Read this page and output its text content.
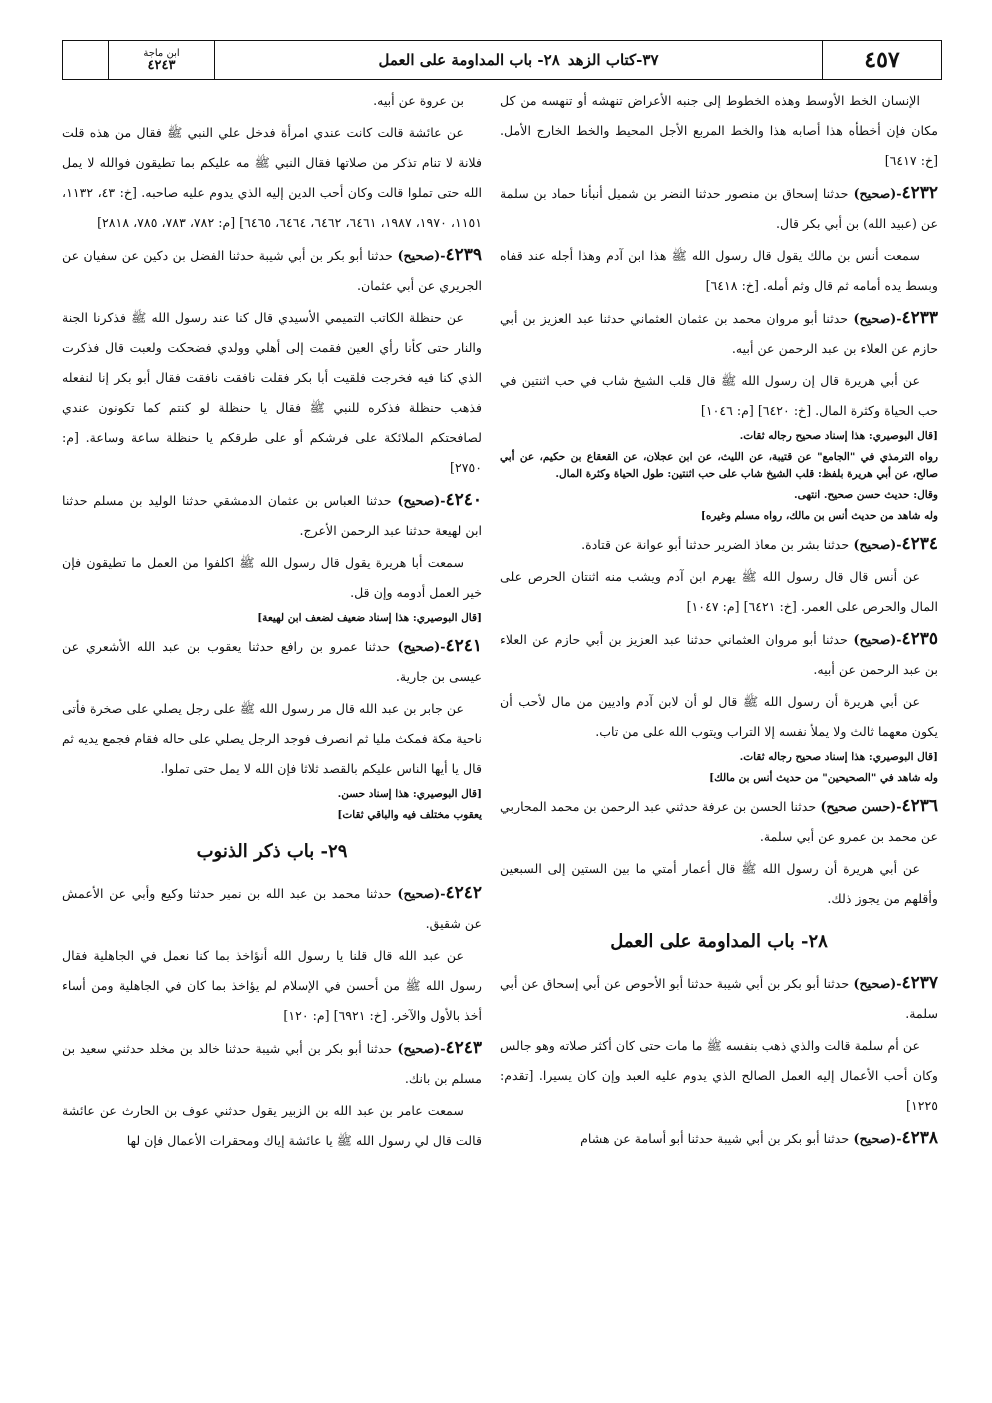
ابن ماجة
٤٢٤٣	٣٧-كتاب الزهد
٢٨- باب المداومة على العمل	٤٥٧

الإنسان الخط الأوسط وهذه الخطوط إلى جنبه الأعراض تنهشه أو تنهسه من كل مكان فإن أخطأه هذا أصابه هذا والخط المربع الأجل المحيط والخط الخارج الأمل. [خ: ٦٤١٧]

٤٢٣٢-(صحيح) حدثنا إسحاق بن منصور حدثنا النضر بن شميل أنبأنا حماد بن سلمة عن (عبيد الله) بن أبي بكر قال.

سمعت أنس بن مالك يقول قال رسول الله ﷺ هذا ابن آدم وهذا أجله عند قفاه وبسط يده أمامه ثم قال وثم أمله. [خ: ٦٤١٨]

٤٢٣٣-(صحيح) حدثنا أبو مروان محمد بن عثمان العثماني حدثنا عبد العزيز بن أبي حازم عن العلاء بن عبد الرحمن عن أبيه.

عن أبي هريرة قال إن رسول الله ﷺ قال قلب الشيخ شاب في حب اثنتين في حب الحياة وكثرة المال. [خ: ٦٤٢٠] [م: ١٠٤٦]

[قال البوصيري: هذا إسناد صحيح رجاله ثقات.

رواه الترمذي في "الجامع" عن قتيبة، عن الليث، عن ابن عجلان، عن القعقاع بن حكيم، عن أبي صالح، عن أبي هريرة بلفظ: قلب الشيخ شاب على حب اثنتين: طول الحياة وكثرة المال.

وقال: حديث حسن صحيح. انتهى.

وله شاهد من حديث أنس بن مالك، رواه مسلم وغيره]

٤٢٣٤-(صحيح) حدثنا بشر بن معاذ الضرير حدثنا أبو عوانة عن قتادة.

عن أنس قال قال رسول الله ﷺ يهرم ابن آدم ويشب منه اثنتان الحرص على المال والحرص على العمر. [خ: ٦٤٢١] [م: ١٠٤٧]

٤٢٣٥-(صحيح) حدثنا أبو مروان العثماني حدثنا عبد العزيز بن أبي حازم عن العلاء بن عبد الرحمن عن أبيه.

عن أبي هريرة أن رسول الله ﷺ قال لو أن لابن آدم واديين من مال لأحب أن يكون معهما ثالث ولا يملأ نفسه إلا التراب ويتوب الله على من تاب.

[قال البوصيري: هذا إسناد صحيح رجاله ثقات.

وله شاهد في "الصحيحين" من حديث أنس بن مالك]

٤٢٣٦-(حسن صحيح) حدثنا الحسن بن عرفة حدثني عبد الرحمن بن محمد المحاربي عن محمد بن عمرو عن أبي سلمة.

عن أبي هريرة أن رسول الله ﷺ قال أعمار أمتي ما بين الستين إلى السبعين وأقلهم من يجوز ذلك.

٢٨- باب المداومة على العمل

٤٢٣٧-(صحيح) حدثنا أبو بكر بن أبي شيبة حدثنا أبو الأحوص عن أبي إسحاق عن أبي سلمة.

عن أم سلمة قالت والذي ذهب بنفسه ﷺ ما مات حتى كان أكثر صلاته وهو جالس وكان أحب الأعمال إليه العمل الصالح الذي يدوم عليه العبد وإن كان يسيرا. [تقدم: ١٢٢٥]

٤٢٣٨-(صحيح) حدثنا أبو بكر بن أبي شيبة حدثنا أبو أسامة عن هشام

بن عروة عن أبيه.

عن عائشة قالت كانت عندي امرأة فدخل علي النبي ﷺ فقال من هذه قلت فلانة لا تنام تذكر من صلاتها فقال النبي ﷺ مه عليكم بما تطيقون فوالله لا يمل الله حتى تملوا قالت وكان أحب الدين إليه الذي يدوم عليه صاحبه. [خ: ٤٣، ١١٣٢، ١١٥١، ١٩٧٠، ١٩٨٧، ٦٤٦١، ٦٤٦٢، ٦٤٦٤، ٦٤٦٥] [م: ٧٨٢، ٧٨٣، ٧٨٥، ٢٨١٨]

٤٢٣٩-(صحيح) حدثنا أبو بكر بن أبي شيبة حدثنا الفضل بن دكين عن سفيان عن الجريري عن أبي عثمان.

عن حنظلة الكاتب التميمي الأسيدي قال كنا عند رسول الله ﷺ فذكرنا الجنة والنار حتى كأنا رأي العين فقمت إلى أهلي وولدي فضحكت ولعبت قال فذكرت الذي كنا فيه فخرجت فلقيت أبا بكر فقلت نافقت نافقت فقال أبو بكر إنا لنفعله فذهب حنظلة فذكره للنبي ﷺ فقال يا حنظلة لو كنتم كما تكونون عندي لصافحتكم الملائكة على فرشكم أو على طرقكم يا حنظلة ساعة وساعة. [م: ٢٧٥٠]

٤٢٤٠-(صحيح) حدثنا العباس بن عثمان الدمشقي حدثنا الوليد بن مسلم حدثنا ابن لهيعة حدثنا عبد الرحمن الأعرج.

سمعت أبا هريرة يقول قال رسول الله ﷺ اكلفوا من العمل ما تطيقون فإن خير العمل أدومه وإن قل.

[قال البوصيري: هذا إسناد ضعيف لضعف ابن لهيعة]

٤٢٤١-(صحيح) حدثنا عمرو بن رافع حدثنا يعقوب بن عبد الله الأشعري عن عيسى بن جارية.

عن جابر بن عبد الله قال مر رسول الله ﷺ على رجل يصلي على صخرة فأتى ناحية مكة فمكث مليا ثم انصرف فوجد الرجل يصلي على حاله فقام فجمع يديه ثم قال يا أيها الناس عليكم بالقصد ثلاثا فإن الله لا يمل حتى تملوا.

[قال البوصيري: هذا إسناد حسن.

يعقوب مختلف فيه والباقي ثقات]

٢٩- باب ذكر الذنوب

٤٢٤٢-(صحيح) حدثنا محمد بن عبد الله بن نمير حدثنا وكيع وأبي عن الأعمش عن شقيق.

عن عبد الله قال قلنا يا رسول الله أنؤاخذ بما كنا نعمل في الجاهلية فقال رسول الله ﷺ من أحسن في الإسلام لم يؤاخذ بما كان في الجاهلية ومن أساء أخذ بالأول والآخر. [خ: ٦٩٢١] [م: ١٢٠]

٤٢٤٣-(صحيح) حدثنا أبو بكر بن أبي شيبة حدثنا خالد بن مخلد حدثني سعيد بن مسلم بن بانك.

سمعت عامر بن عبد الله بن الزبير يقول حدثني عوف بن الحارث عن عائشة قالت قال لي رسول الله ﷺ يا عائشة إياك ومحقرات الأعمال فإن لها
